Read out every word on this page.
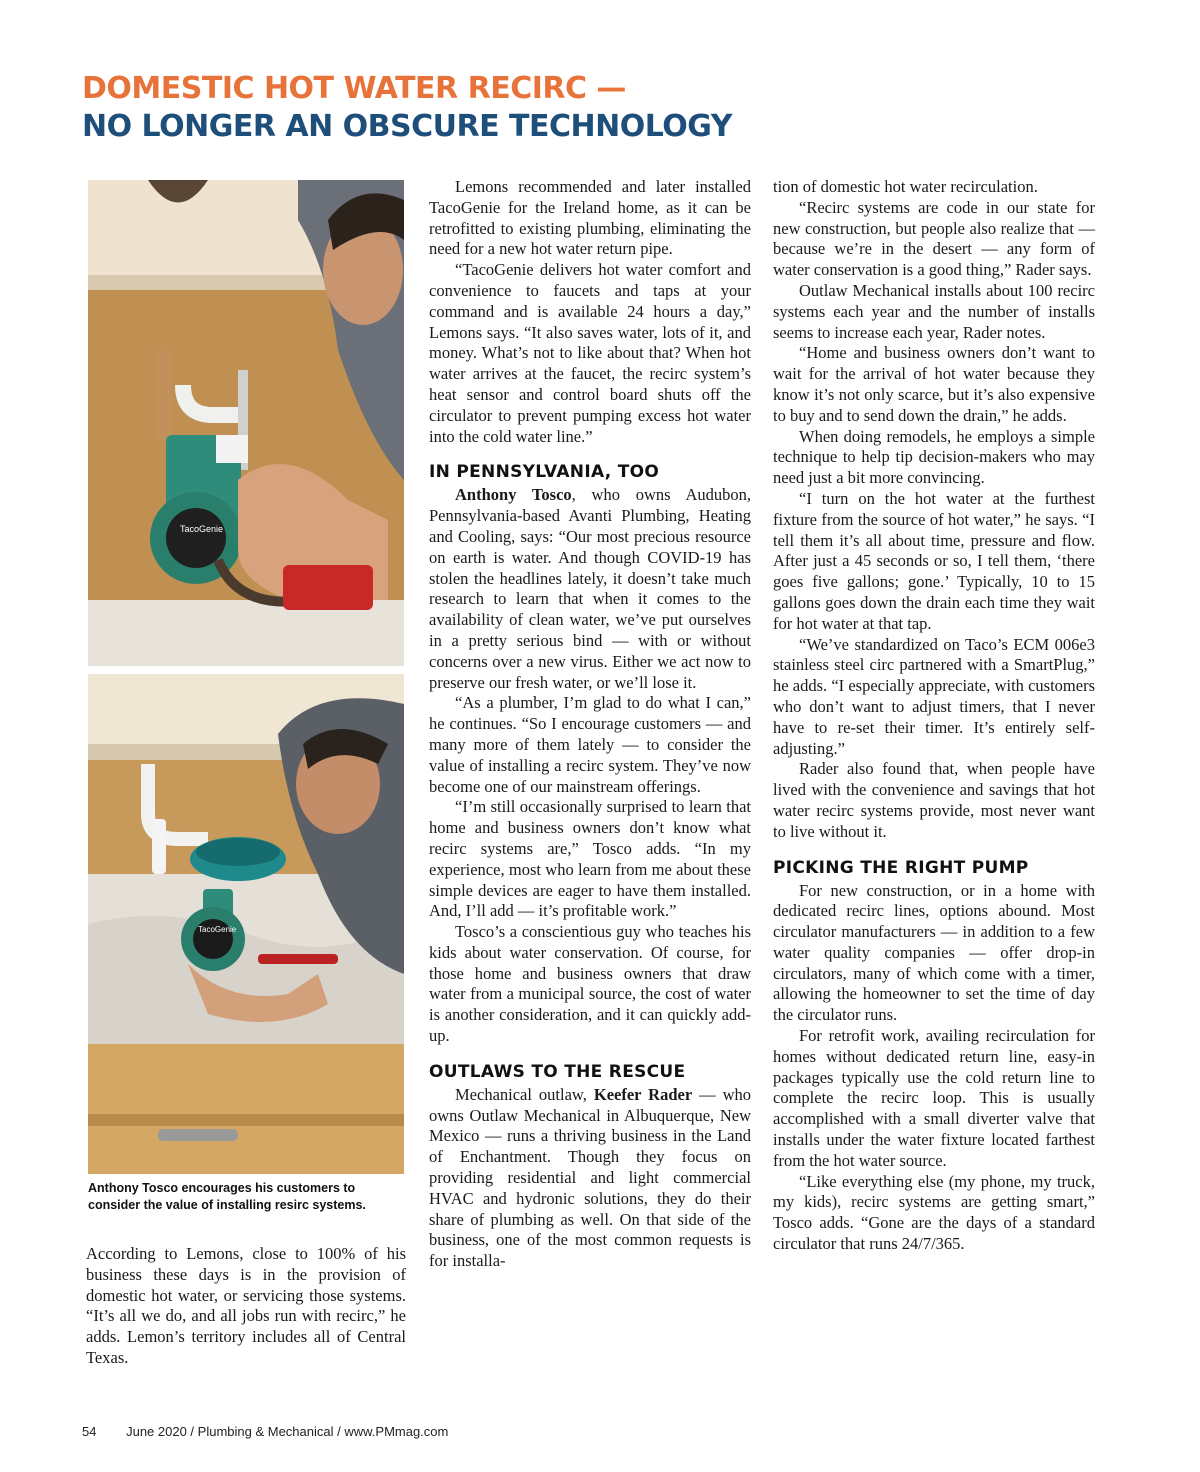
DOMESTIC HOT WATER RECIRC —
NO LONGER AN OBSCURE TECHNOLOGY
TacoGenie
TacoGenie

Anthony Tosco encourages his customers to consider the value of installing resirc systems.

According to Lemons, close to 100% of his business these days is in the provision of domestic hot water, or servicing those systems. “It’s all we do, and all jobs run with recirc,” he adds. Lemon’s territory includes all of Central Texas.

Lemons recommended and later installed TacoGenie for the Ireland home, as it can be retrofitted to existing plumbing, eliminating the need for a new hot water return pipe.

“TacoGenie delivers hot water comfort and convenience to faucets and taps at your command and is available 24 hours a day,” Lemons says. “It also saves water, lots of it, and money. What’s not to like about that? When hot water arrives at the faucet, the recirc system’s heat sensor and control board shuts off the circulator to prevent pumping excess hot water into the cold water line.”

IN PENNSYLVANIA, TOO

Anthony Tosco, who owns Audubon, Pennsylvania-based Avanti Plumbing, Heating and Cooling, says: “Our most precious resource on earth is water. And though COVID-19 has stolen the headlines lately, it doesn’t take much research to learn that when it comes to the availability of clean water, we’ve put ourselves in a pretty serious bind — with or without concerns over a new virus. Either we act now to preserve our fresh water, or we’ll lose it.

“As a plumber, I’m glad to do what I can,” he continues. “So I encourage customers — and many more of them lately — to consider the value of installing a recirc system. They’ve now become one of our mainstream offerings.

“I’m still occasionally surprised to learn that home and business owners don’t know what recirc systems are,” Tosco adds. “In my experience, most who learn from me about these simple devices are eager to have them installed. And, I’ll add — it’s profitable work.”

Tosco’s a conscientious guy who teaches his kids about water conservation. Of course, for those home and business owners that draw water from a municipal source, the cost of water is another consideration, and it can quickly add-up.

OUTLAWS TO THE RESCUE

Mechanical outlaw, Keefer Rader — who owns Outlaw Mechanical in Albuquerque, New Mexico — runs a thriving business in the Land of Enchantment. Though they focus on providing residential and light commercial HVAC and hydronic solutions, they do their share of plumbing as well. On that side of the business, one of the most common requests is for installa-

tion of domestic hot water recirculation.

“Recirc systems are code in our state for new construction, but people also realize that — because we’re in the desert — any form of water conservation is a good thing,” Rader says.

Outlaw Mechanical installs about 100 recirc systems each year and the number of installs seems to increase each year, Rader notes.

“Home and business owners don’t want to wait for the arrival of hot water because they know it’s not only scarce, but it’s also expensive to buy and to send down the drain,” he adds.

When doing remodels, he employs a simple technique to help tip decision-makers who may need just a bit more convincing.

“I turn on the hot water at the furthest fixture from the source of hot water,” he says. “I tell them it’s all about time, pressure and flow. After just a 45 seconds or so, I tell them, ‘there goes five gallons; gone.’ Typically, 10 to 15 gallons goes down the drain each time they wait for hot water at that tap.

“We’ve standardized on Taco’s ECM 006e3 stainless steel circ partnered with a SmartPlug,” he adds. “I especially appreciate, with customers who don’t want to adjust timers, that I never have to re-set their timer. It’s entirely self-adjusting.”

Rader also found that, when people have lived with the convenience and savings that hot water recirc systems provide, most never want to live without it.

PICKING THE RIGHT PUMP

For new construction, or in a home with dedicated recirc lines, options abound. Most circulator manufacturers — in addition to a few water quality companies — offer drop-in circulators, many of which come with a timer, allowing the homeowner to set the time of day the circulator runs.

For retrofit work, availing recirculation for homes without dedicated return line, easy-in packages typically use the cold return line to complete the recirc loop. This is usually accomplished with a small diverter valve that installs under the water fixture located farthest from the hot water source.

“Like everything else (my phone, my truck, my kids), recirc systems are getting smart,” Tosco adds. “Gone are the days of a standard circulator that runs 24/7/365.

54 June 2020 / Plumbing & Mechanical / www.PMmag.com
